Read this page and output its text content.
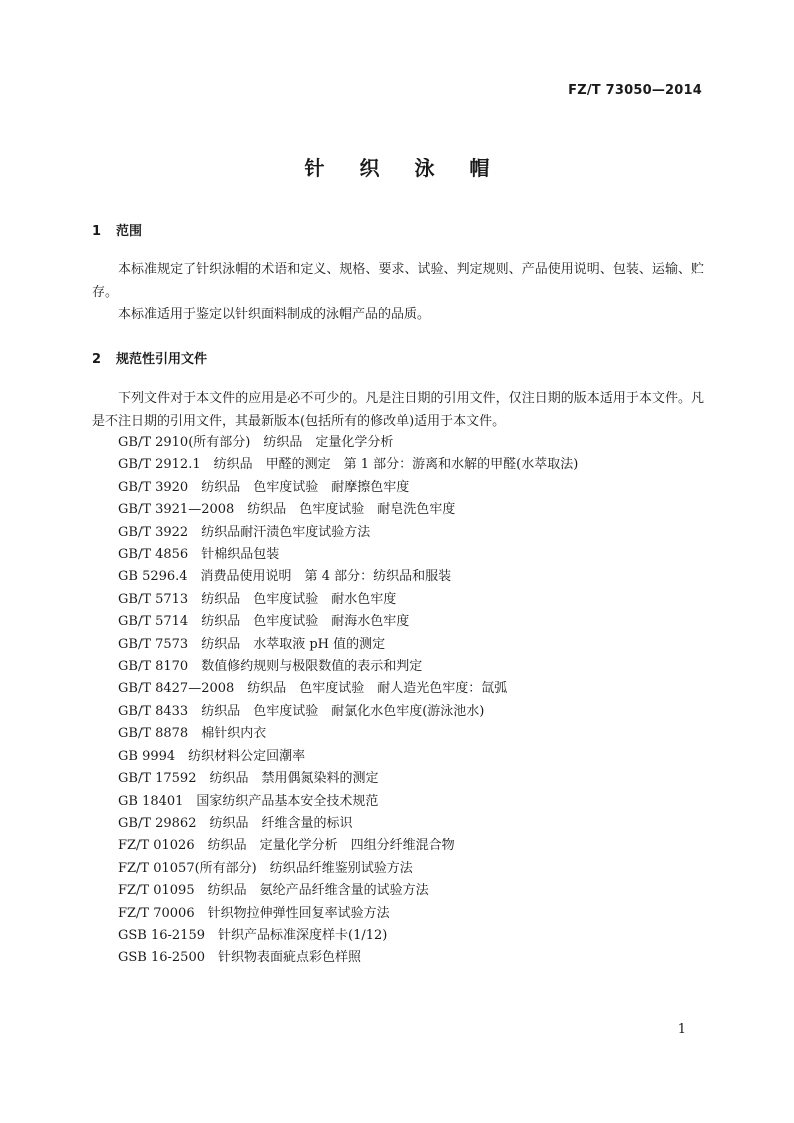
FZ/T 73050—2014
针 织 泳 帽
1 范围

本标准规定了针织泳帽的术语和定义、规格、要求、试验、判定规则、产品使用说明、包装、运输、贮存。

本标准适用于鉴定以针织面料制成的泳帽产品的品质。

2 规范性引用文件

下列文件对于本文件的应用是必不可少的。凡是注日期的引用文件，仅注日期的版本适用于本文件。凡是不注日期的引用文件，其最新版本(包括所有的修改单)适用于本文件。

GB/T 2910(所有部分)　纺织品　定量化学分析
GB/T 2912.1　纺织品　甲醛的测定　第 1 部分：游离和水解的甲醛(水萃取法)
GB/T 3920　纺织品　色牢度试验　耐摩擦色牢度
GB/T 3921—2008　纺织品　色牢度试验　耐皂洗色牢度
GB/T 3922　纺织品耐汗渍色牢度试验方法
GB/T 4856　针棉织品包装
GB 5296.4　消费品使用说明　第 4 部分：纺织品和服装
GB/T 5713　纺织品　色牢度试验　耐水色牢度
GB/T 5714　纺织品　色牢度试验　耐海水色牢度
GB/T 7573　纺织品　水萃取液 pH 值的测定
GB/T 8170　数值修约规则与极限数值的表示和判定
GB/T 8427—2008　纺织品　色牢度试验　耐人造光色牢度：氙弧
GB/T 8433　纺织品　色牢度试验　耐氯化水色牢度(游泳池水)
GB/T 8878　棉针织内衣
GB 9994　纺织材料公定回潮率
GB/T 17592　纺织品　禁用偶氮染料的测定
GB 18401　国家纺织产品基本安全技术规范
GB/T 29862　纺织品　纤维含量的标识
FZ/T 01026　纺织品　定量化学分析　四组分纤维混合物
FZ/T 01057(所有部分)　纺织品纤维鉴别试验方法
FZ/T 01095　纺织品　氨纶产品纤维含量的试验方法
FZ/T 70006　针织物拉伸弹性回复率试验方法
GSB 16-2159　针织产品标准深度样卡(1/12)
GSB 16-2500　针织物表面疵点彩色样照
1
